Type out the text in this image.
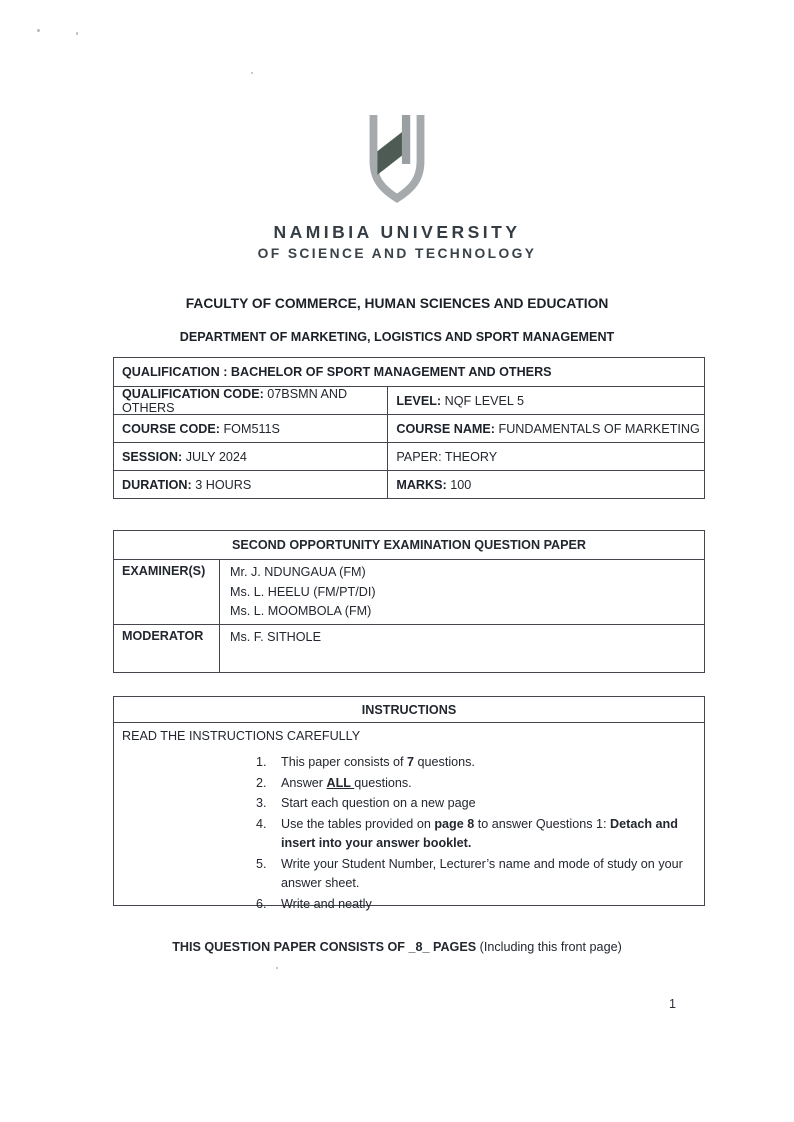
NAMIBIA UNIVERSITY
OF SCIENCE AND TECHNOLOGY
FACULTY OF COMMERCE, HUMAN SCIENCES AND EDUCATION
DEPARTMENT OF MARKETING, LOGISTICS AND SPORT MANAGEMENT
QUALIFICATION : BACHELOR OF SPORT MANAGEMENT AND OTHERS
QUALIFICATION CODE: 07BSMN AND OTHERS	LEVEL: NQF LEVEL 5
COURSE CODE: FOM511S	COURSE NAME: FUNDAMENTALS OF MARKETING
SESSION: JULY 2024	PAPER: THEORY
DURATION: 3 HOURS	MARKS: 100
SECOND OPPORTUNITY EXAMINATION QUESTION PAPER
EXAMINER(S)	Mr. J. NDUNGAUA (FM)
Ms. L. HEELU (FM/PT/DI)
Ms. L. MOOMBOLA (FM)
MODERATOR	Ms. F. SITHOLE
INSTRUCTIONS
READ THE INSTRUCTIONS CAREFULLY
1.	This paper consists of 7 questions.
2.	Answer ALL questions.
3.	Start each question on a new page
4.	Use the tables provided on page 8 to answer Questions 1: Detach and insert into your answer booklet.
5.	Write your Student Number, Lecturer’s name and mode of study on your answer sheet.
6.	Write and neatly
THIS QUESTION PAPER CONSISTS OF _8_ PAGES (Including this front page)
1
